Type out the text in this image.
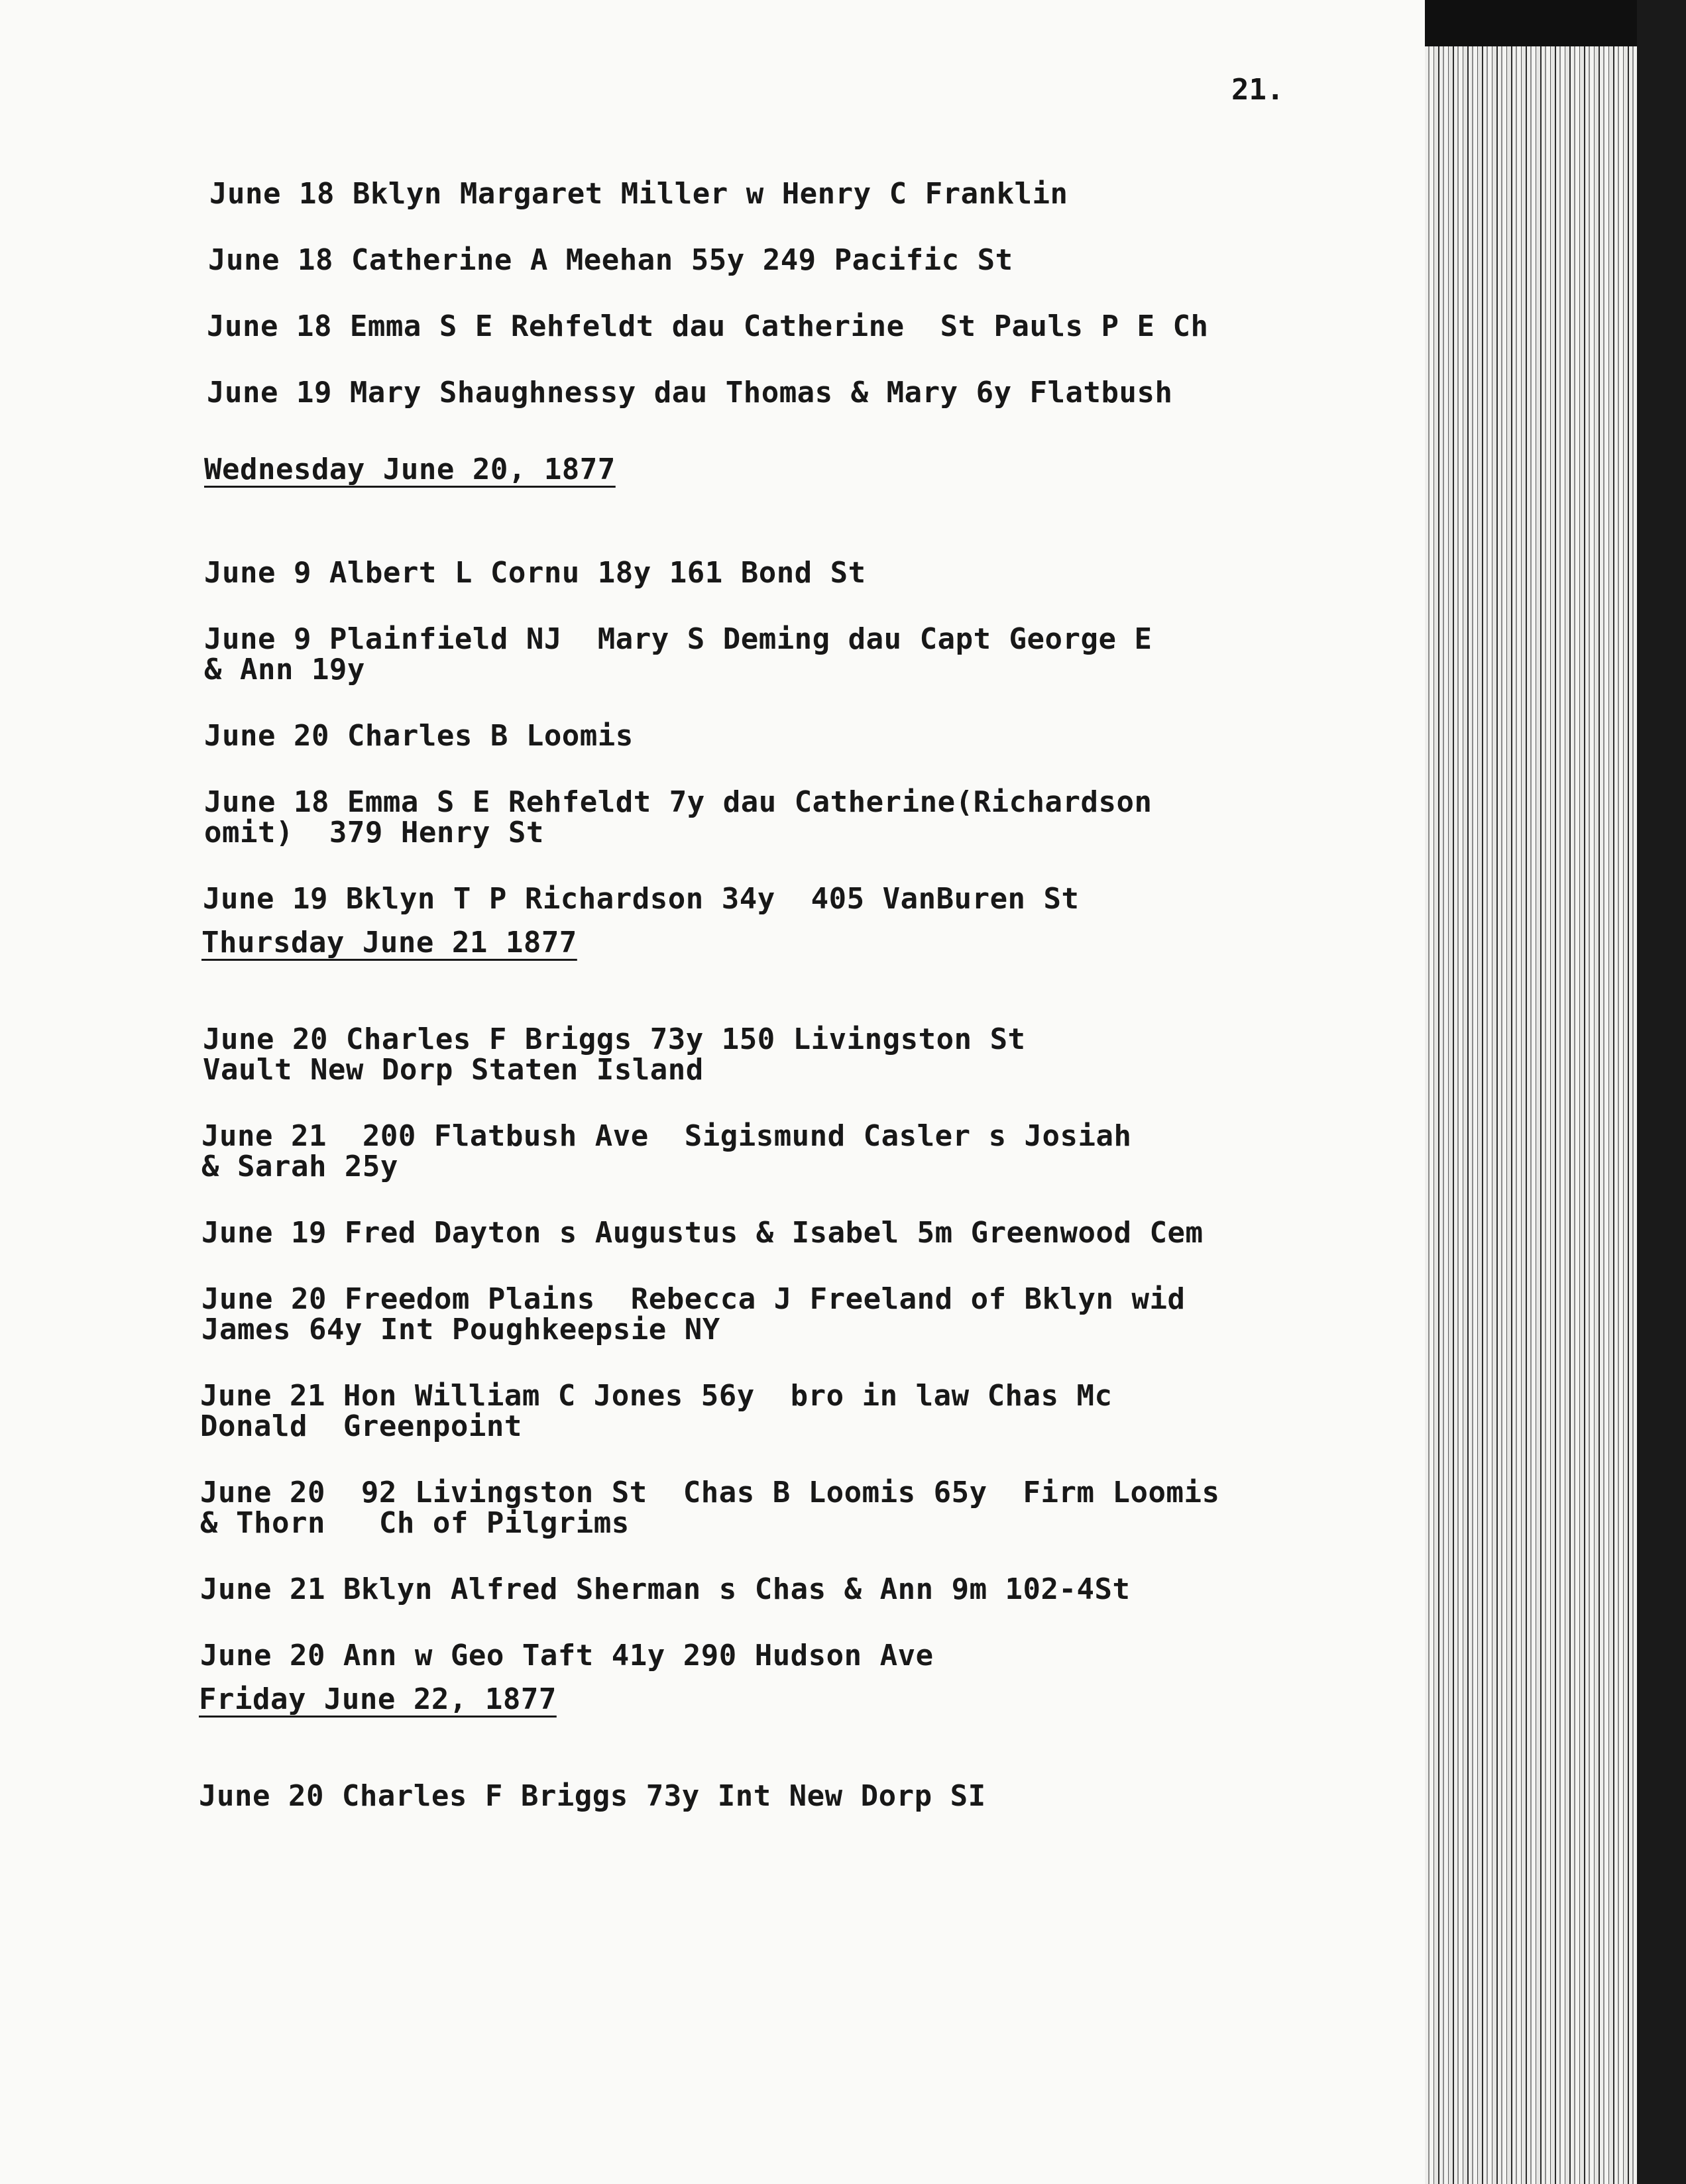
21.
June 18 Bklyn Margaret Miller w Henry C Franklin
June 18 Catherine A Meehan 55y 249 Pacific St
June 18 Emma S E Rehfeldt dau Catherine  St Pauls P E Ch
June 19 Mary Shaughnessy dau Thomas & Mary 6y Flatbush
Wednesday June 20, 1877
June 9 Albert L Cornu 18y 161 Bond St
June 9 Plainfield NJ  Mary S Deming dau Capt George E
& Ann 19y
June 20 Charles B Loomis
June 18 Emma S E Rehfeldt 7y dau Catherine(Richardson
omit)  379 Henry St
June 19 Bklyn T P Richardson 34y  405 VanBuren St
Thursday June 21 1877
June 20 Charles F Briggs 73y 150 Livingston St
Vault New Dorp Staten Island
June 21  200 Flatbush Ave  Sigismund Casler s Josiah
& Sarah 25y
June 19 Fred Dayton s Augustus & Isabel 5m Greenwood Cem
June 20 Freedom Plains  Rebecca J Freeland of Bklyn wid
James 64y Int Poughkeepsie NY
June 21 Hon William C Jones 56y  bro in law Chas Mc
Donald  Greenpoint
June 20  92 Livingston St  Chas B Loomis 65y  Firm Loomis
& Thorn   Ch of Pilgrims
June 21 Bklyn Alfred Sherman s Chas & Ann 9m 102-4St
June 20 Ann w Geo Taft 41y 290 Hudson Ave
Friday June 22, 1877
June 20 Charles F Briggs 73y Int New Dorp SI
